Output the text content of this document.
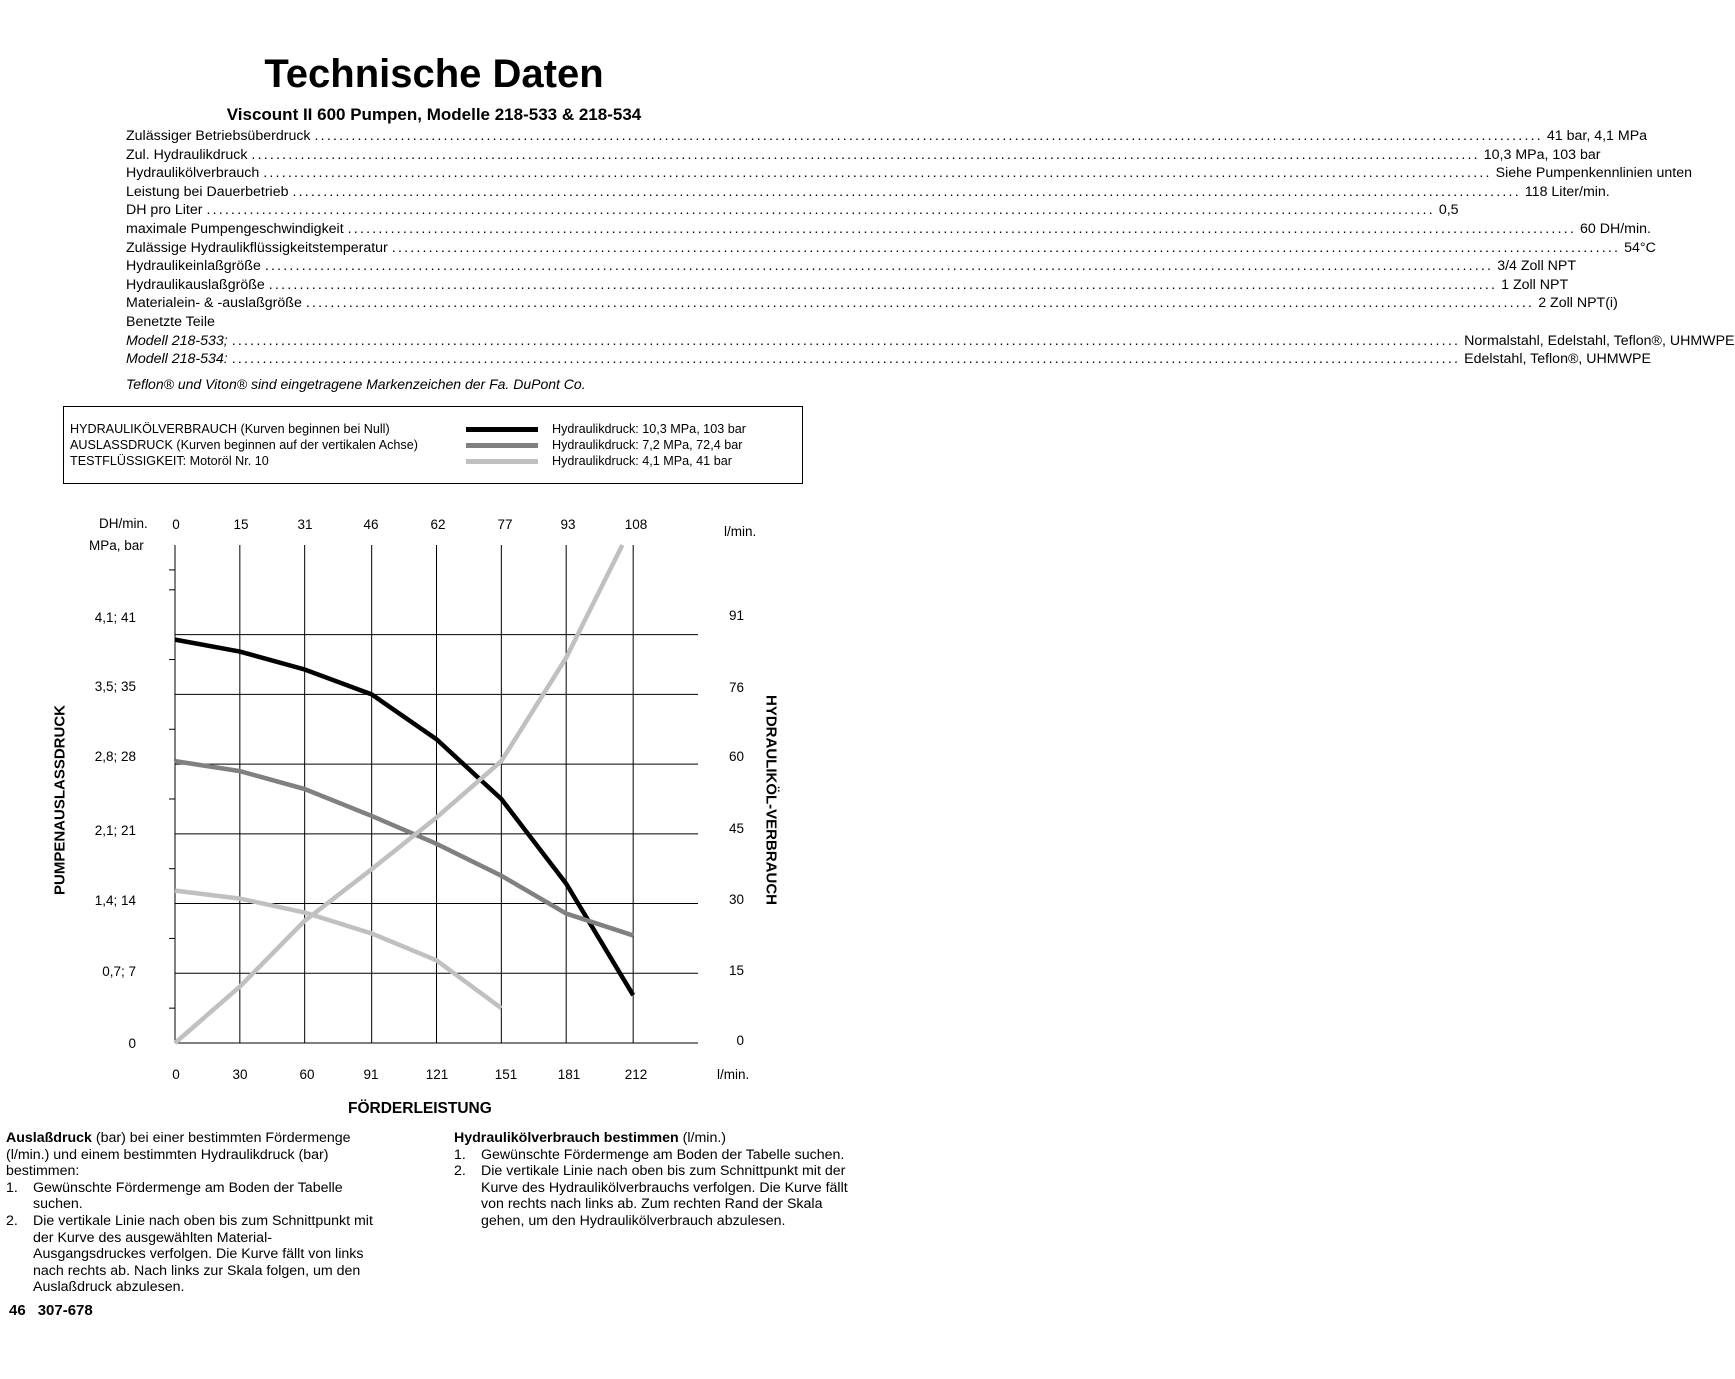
Technische Daten
Viscount II 600 Pumpen, Modelle 218-533 & 218-534
Zulässiger Betriebsüberdruck ........................................................................................................................................................................................................ 41 bar, 4,1 MPa
Zul. Hydraulikdruck ........................................................................................................................................................................................................ 10,3 MPa, 103 bar
Hydraulikölverbrauch ........................................................................................................................................................................................................ Siehe Pumpenkennlinien unten
Leistung bei Dauerbetrieb ........................................................................................................................................................................................................ 118 Liter/min.
DH pro Liter ........................................................................................................................................................................................................ 0,5
maximale Pumpengeschwindigkeit ........................................................................................................................................................................................................ 60 DH/min.
Zulässige Hydraulikflüssigkeitstemperatur ........................................................................................................................................................................................................ 54°C
Hydraulikeinlaßgröße ........................................................................................................................................................................................................ 3/4 Zoll NPT
Hydraulikauslaßgröße ........................................................................................................................................................................................................ 1 Zoll NPT
Materialein- & -auslaßgröße ........................................................................................................................................................................................................ 2 Zoll NPT(i)
Benetzte Teile
Modell 218-533; ........................................................................................................................................................................................................ Normalstahl, Edelstahl, Teflon®, UHMWPE
Modell 218-534: ........................................................................................................................................................................................................ Edelstahl, Teflon®, UHMWPE
Teflon® und Viton® sind eingetragene Markenzeichen der Fa. DuPont Co.
HYDRAULIKÖLVERBRAUCH (Kurven beginnen bei Null)
AUSLASSDRUCK (Kurven beginnen auf der vertikalen Achse)
TESTFLÜSSIGKEIT: Motoröl Nr. 10
Hydraulikdruck: 10,3 MPa, 103 bar
Hydraulikdruck: 7,2 MPa, 72,4 bar
Hydraulikdruck: 4,1 MPa, 41 bar
PUMPENAUSLASSDRUCK	HYDRAULIKÖL-VERBRAUCH
DH/min.
MPa, bar
l/min.
l/min.
0	15	31	46	62	77	93	108
0	30	60	91	121	151	181	212
0
0,7; 7
1,4; 14
2,1; 21
2,8; 28
3,5; 35
4,1; 41
0
15
30
45
60
76
91
FÖRDERLEISTUNG

Auslaßdruck (bar) bei einer bestimmten Fördermenge (l/min.) und einem bestimmten Hydraulikdruck (bar) bestimmen:

1. Gewünschte Fördermenge am Boden der Tabelle suchen.
2. Die vertikale Linie nach oben bis zum Schnittpunkt mit der Kurve des ausgewählten Material-Ausgangsdruckes verfolgen. Die Kurve fällt von links nach rechts ab. Nach links zur Skala folgen, um den Auslaßdruck abzulesen.

Hydraulikölverbrauch bestimmen (l/min.)

1. Gewünschte Fördermenge am Boden der Tabelle suchen.
2. Die vertikale Linie nach oben bis zum Schnittpunkt mit der Kurve des Hydraulikölverbrauchs verfolgen. Die Kurve fällt von rechts nach links ab. Zum rechten Rand der Skala gehen, um den Hydraulikölverbrauch abzulesen.
46 307-678
